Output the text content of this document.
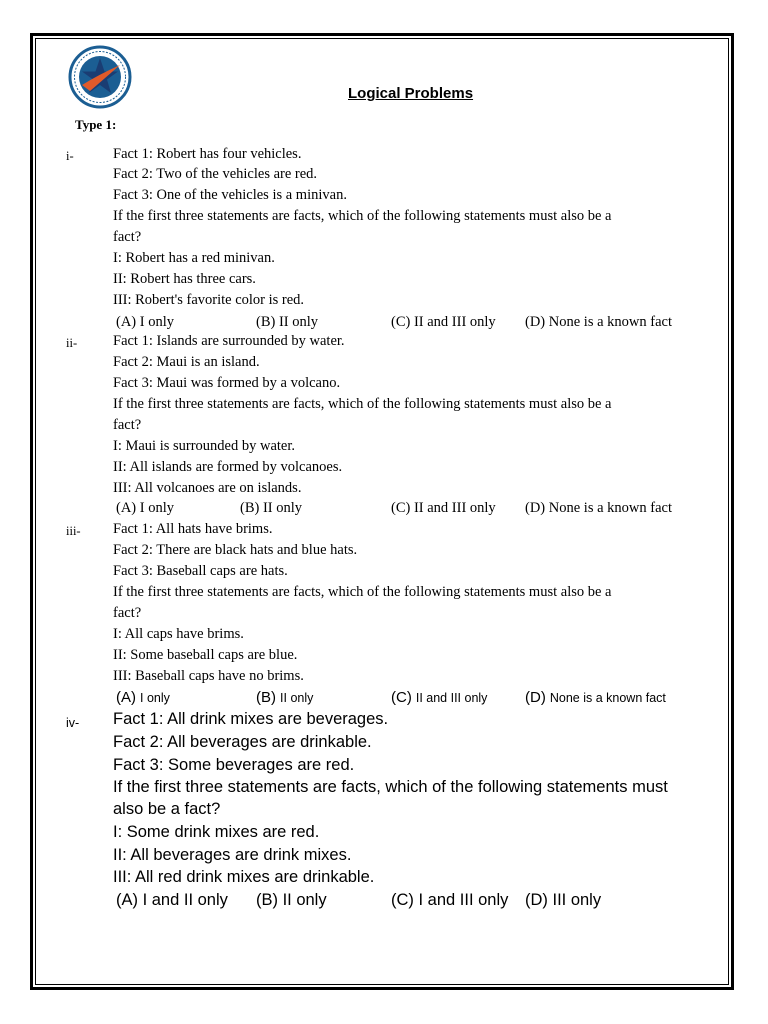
Logical Problems
Type 1:
i-	Fact 1: Robert has four vehicles.
Fact 2: Two of the vehicles are red.
Fact 3: One of the vehicles is a minivan.
If the first three statements are facts, which of the following statements must also be a
fact?
I: Robert has a red minivan.
II: Robert has three cars.
III: Robert's favorite color is red.
(A) I only	(B) II only	(C) II and III only (D) None is a known fact
ii- Fact 1: Islands are surrounded by water.
Fact 2: Maui is an island.
Fact 3: Maui was formed by a volcano.
If the first three statements are facts, which of the following statements must also be a
fact?
I: Maui is surrounded by water.
II: All islands are formed by volcanoes.
III: All volcanoes are on islands.
(A) I only	(B) II only	(C) II and III only (D) None is a known fact
iii- Fact 1: All hats have brims.
Fact 2: There are black hats and blue hats.
Fact 3: Baseball caps are hats.
If the first three statements are facts, which of the following statements must also be a
fact?
I: All caps have brims.
II: Some baseball caps are blue.
III: Baseball caps have no brims.
(A) I only	(B) II only	(C) II and III only	(D) None is a known fact
iv- Fact 1: All drink mixes are beverages.
Fact 2: All beverages are drinkable.
Fact 3: Some beverages are red.
If the first three statements are facts, which of the following statements must
also be a fact?
I: Some drink mixes are red.
II: All beverages are drink mixes.
III: All red drink mixes are drinkable.
(A) I and II only (B) II only	(C) I and III only (D) III only
